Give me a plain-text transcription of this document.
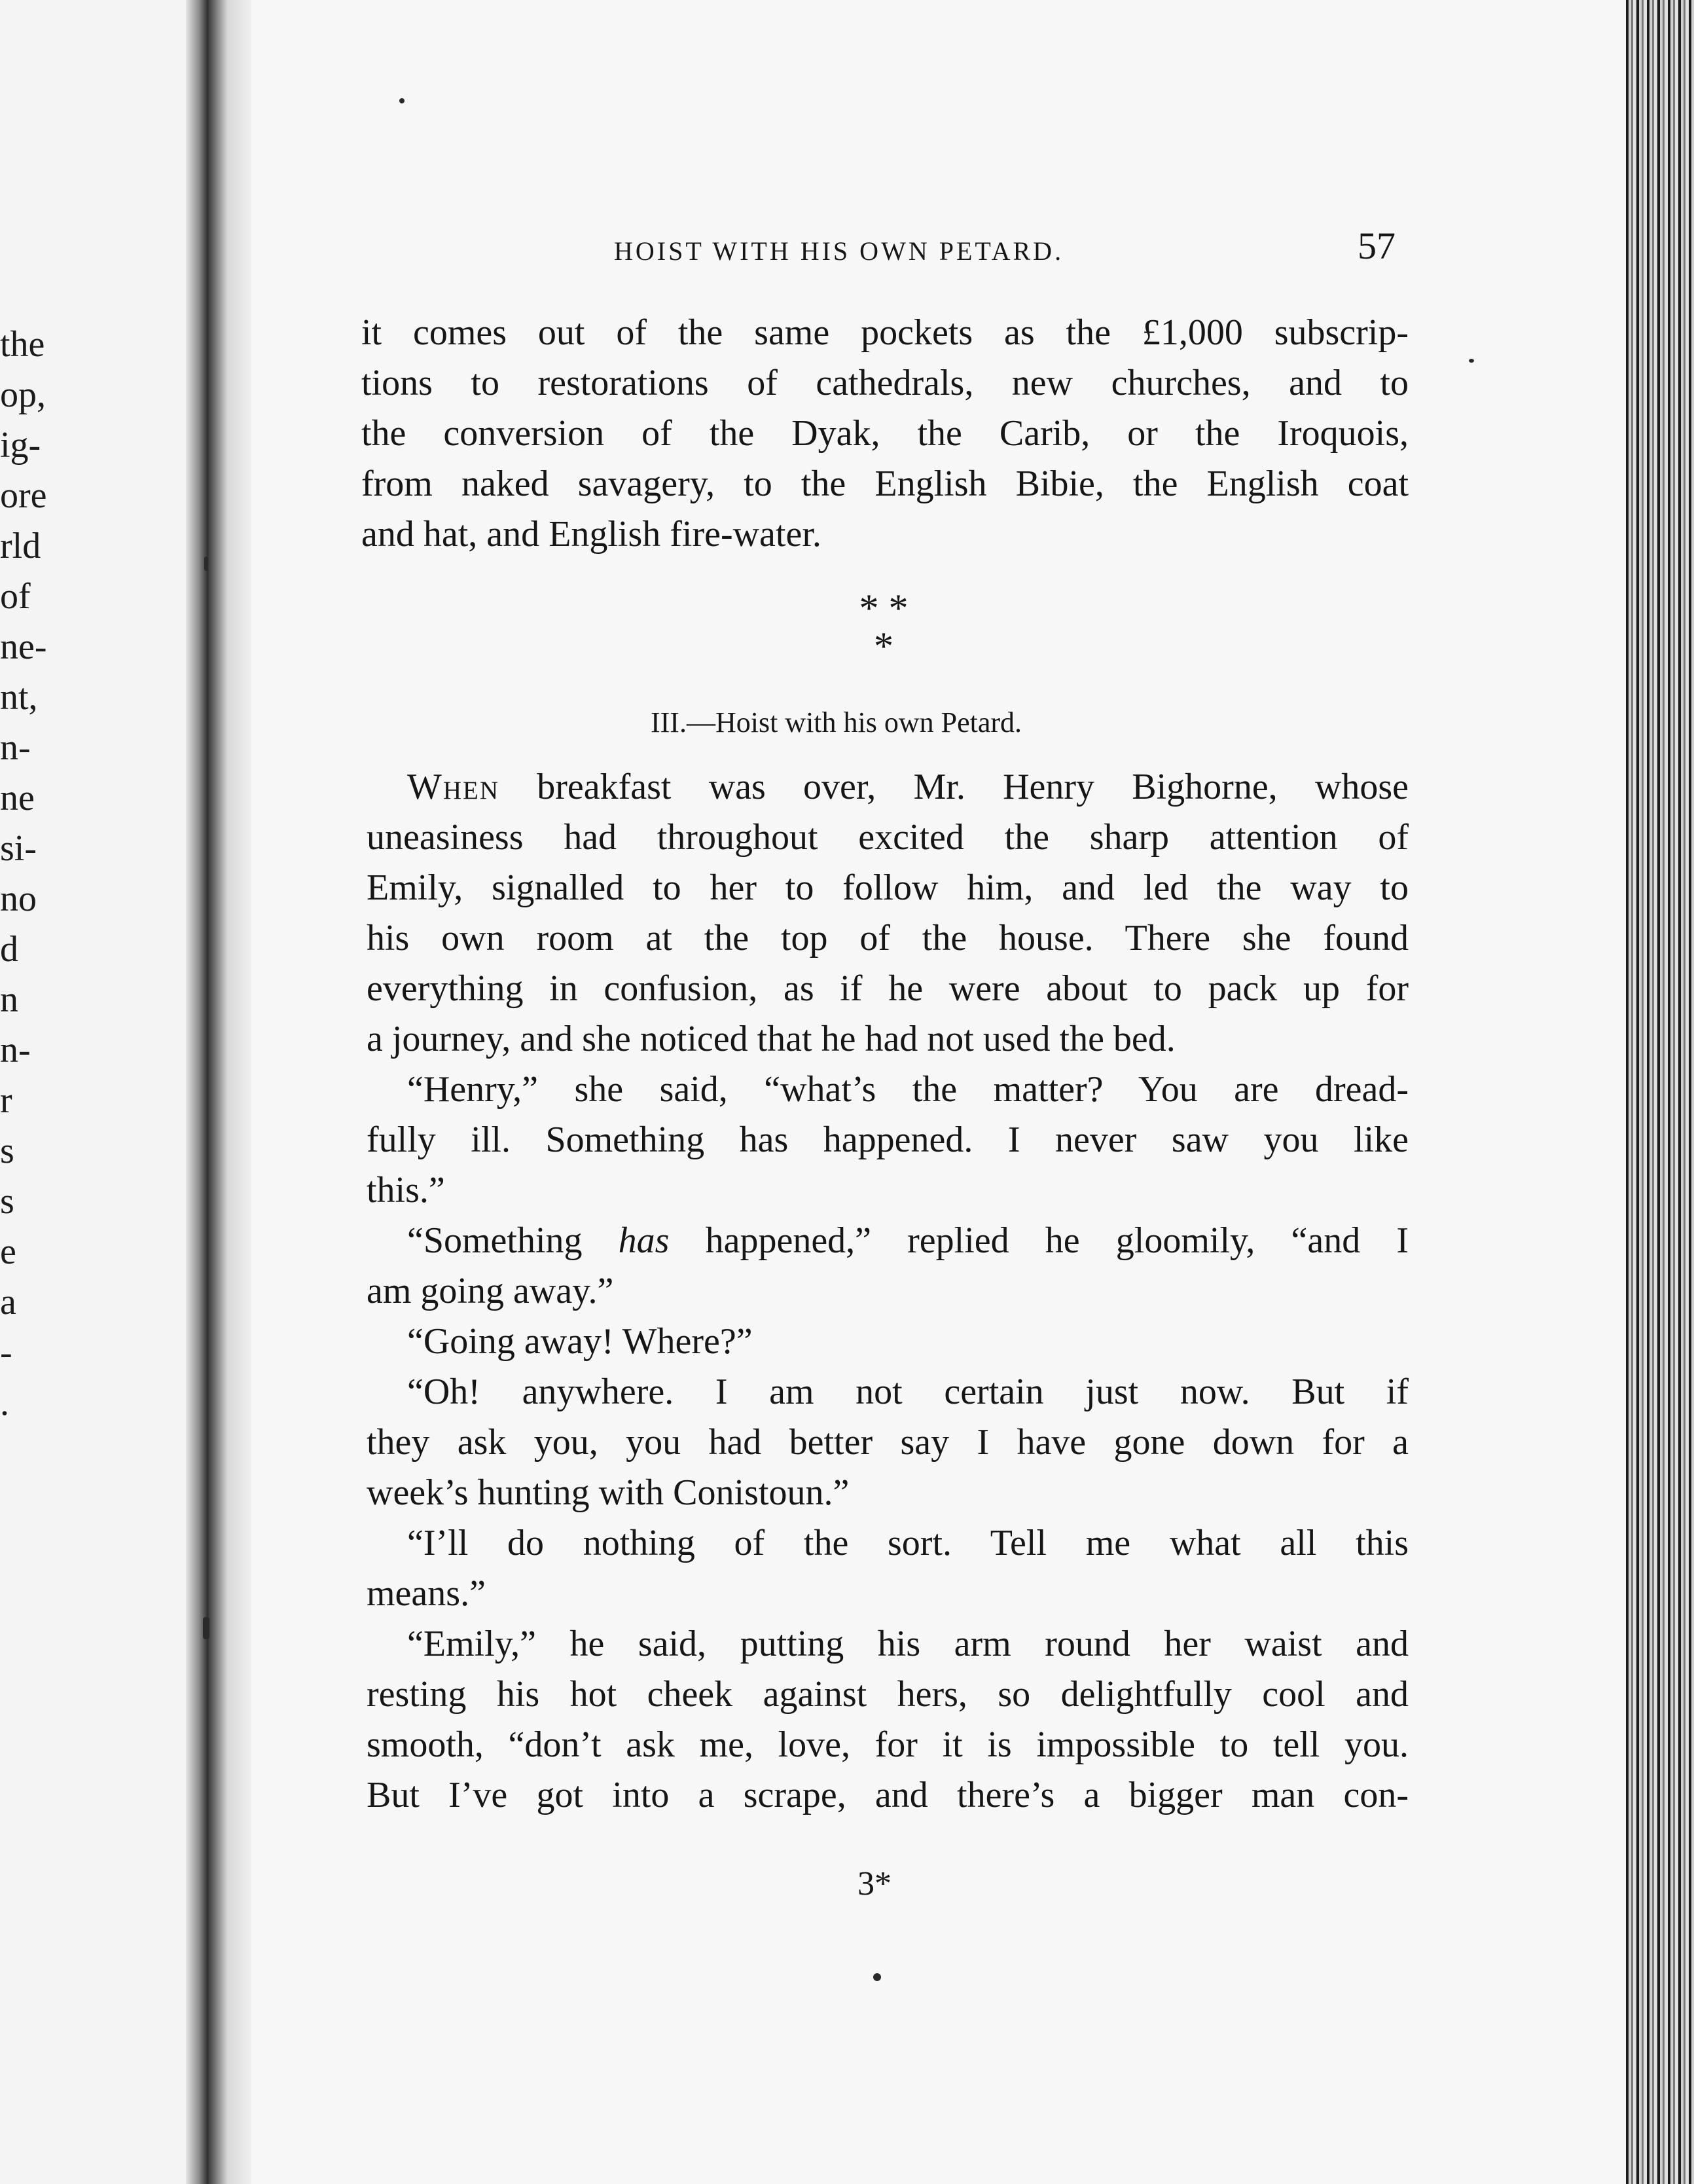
the
op,
ig-
ore
rld
of
ne-
nt,
n-
ne
si-
no
d
n
n-
r
s
s
e
a
-
.
HOIST WITH HIS OWN PETARD.	57
it comes out of the same pockets as the £1,000 subscrip-
tions to restorations of cathedrals, new churches, and to
the conversion of the Dyak, the Carib, or the Iroquois,
from naked savagery, to the English Bibie, the English coat
and hat, and English fire-water.
* *
*
III.—Hoist with his own Petard.
When breakfast was over, Mr. Henry Bighorne, whose
uneasiness had throughout excited the sharp attention of
Emily, signalled to her to follow him, and led the way to
his own room at the top of the house. There she found
everything in confusion, as if he were about to pack up for
a journey, and she noticed that he had not used the bed.
“Henry,” she said, “what’s the matter? You are dread-
fully ill. Something has happened. I never saw you like
this.”
“Something has happened,” replied he gloomily, “and I
am going away.”
“Going away! Where?”
“Oh! anywhere. I am not certain just now. But if
they ask you, you had better say I have gone down for a
week’s hunting with Conistoun.”
“I’ll do nothing of the sort. Tell me what all this
means.”
“Emily,” he said, putting his arm round her waist and
resting his hot cheek against hers, so delightfully cool and
smooth, “don’t ask me, love, for it is impossible to tell you.
But I’ve got into a scrape, and there’s a bigger man con-
3*
